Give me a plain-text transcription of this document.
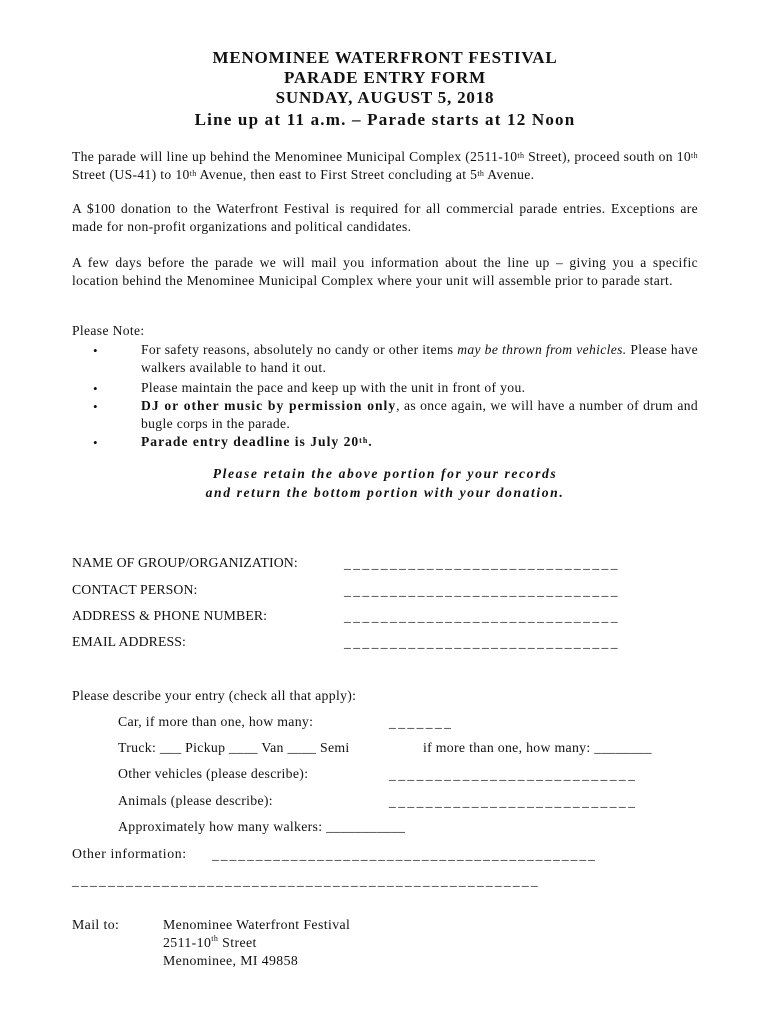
MENOMINEE WATERFRONT FESTIVAL
PARADE ENTRY FORM
SUNDAY, AUGUST 5, 2018
Line up at 11 a.m. – Parade starts at 12 Noon
The parade will line up behind the Menominee Municipal Complex (2511-10th Street), proceed south on 10th Street (US-41) to 10th Avenue, then east to First Street concluding at 5th Avenue.
A $100 donation to the Waterfront Festival is required for all commercial parade entries. Exceptions are made for non-profit organizations and political candidates.
A few days before the parade we will mail you information about the line up – giving you a specific location behind the Menominee Municipal Complex where your unit will assemble prior to parade start.
Please Note:
•	For safety reasons, absolutely no candy or other items may be thrown from vehicles. Please have walkers available to hand it out.
•	Please maintain the pace and keep up with the unit in front of you.
•	DJ or other music by permission only, as once again, we will have a number of drum and bugle corps in the parade.
•	Parade entry deadline is July 20th.
Please retain the above portion for your records
and return the bottom portion with your donation.
NAME OF GROUP/ORGANIZATION:	______________________________
CONTACT PERSON:	______________________________
ADDRESS & PHONE NUMBER:	______________________________
EMAIL ADDRESS:	______________________________
Please describe your entry (check all that apply):
Car, if more than one, how many:	_______
Truck: ___ Pickup ____ Van ____ Semi	if more than one, how many: ________
Other vehicles (please describe):	___________________________
Animals (please describe):	___________________________
Approximately how many walkers: ___________
Other information: ____________________________________________
____________________________________________________
Mail to:	Menominee Waterfront Festival
2511-10th Street
Menominee, MI 49858
